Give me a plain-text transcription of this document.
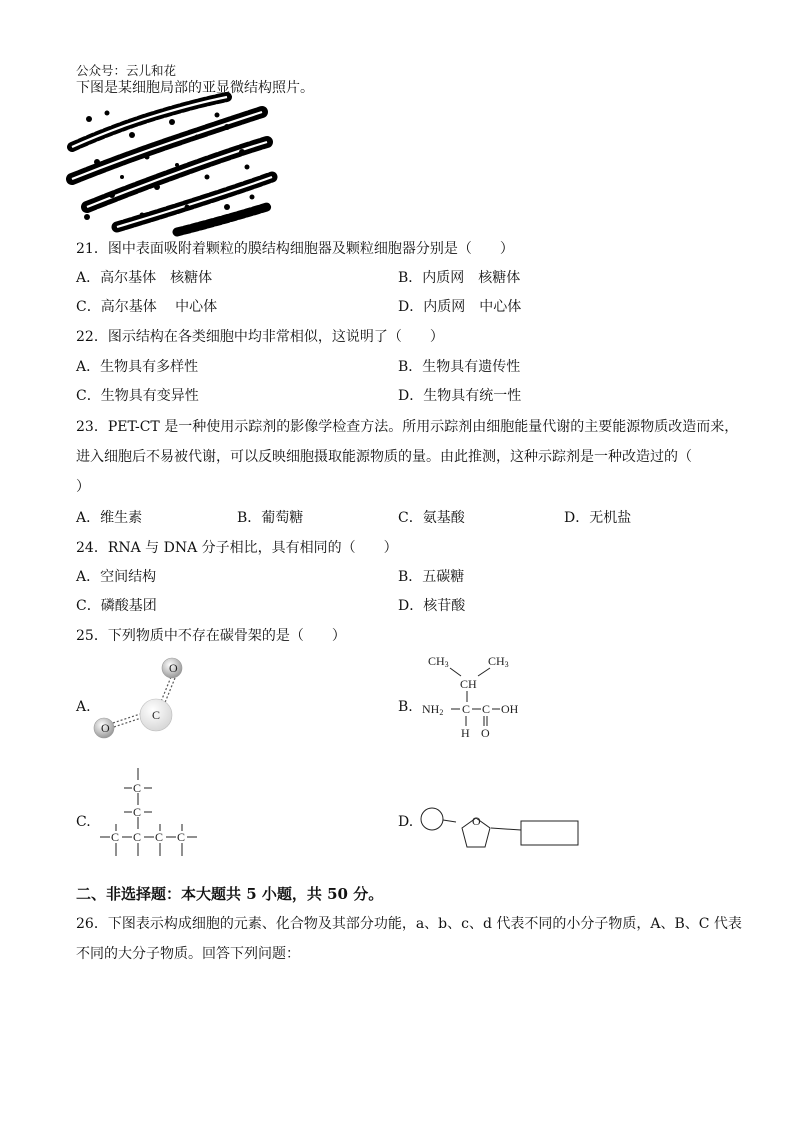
公众号：云儿和花
下图是某细胞局部的亚显微结构照片。
21．图中表面吸附着颗粒的膜结构细胞器及颗粒细胞器分别是（　　）
A．高尔基体　核糖体	B．内质网　核糖体
C．高尔基体　 中心体	D．内质网　中心体
22．图示结构在各类细胞中均非常相似，这说明了（　　）
A．生物具有多样性	B．生物具有遗传性
C．生物具有变异性	D．生物具有统一性
23．PET-CT 是一种使用示踪剂的影像学检查方法。所用示踪剂由细胞能量代谢的主要能源物质改造而来，
进入细胞后不易被代谢，可以反映细胞摄取能源物质的量。由此推测，这种示踪剂是一种改造过的（
）
A．维生素	B．葡萄糖	C．氨基酸	D．无机盐
24．RNA 与 DNA 分子相比，具有相同的（　　）
A．空间结构	B．五碳糖
C．磷酸基团	D．核苷酸
25．下列物质中不存在碳骨架的是（　　）
A.
O
C
O
B.
CH3	CH3
CH
NH2 C C OH
H O
C.
C
C
C C C C
D.	O
二、非选择题：本大题共 5 小题，共 50 分。
26．下图表示构成细胞的元素、化合物及其部分功能，a、b、c、d 代表不同的小分子物质，A、B、C 代表
不同的大分子物质。回答下列问题：
